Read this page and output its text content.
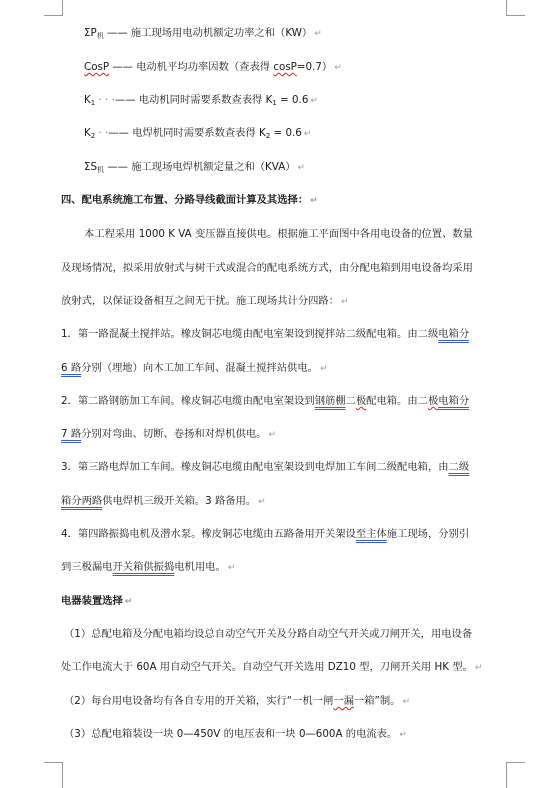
$\Sigma P_机$ —— 施工现场用电动机额定功率之和（KW） ↵
CosP —— 电动机平均功率因数（查表得 cosP=0.7） ↵
$K_1$ · · ·—— 电动机同时需要系数查表得 $K_1 = 0.6$ ↵
$K_2$ · ·—— 电焊机同时需要系数查表得 $K_2 = 0.6$ ↵
$\Sigma S_机$ —— 施工现场电焊机额定量之和（KVA） ↵
四、配电系统施工布置、分路导线截面计算及其选择： ↵
本工程采用 1000 K VA 变压器直接供电。根据施工平面图中各用电设备的位置、数量
及现场情况，拟采用放射式与树干式或混合的配电系统方式，由分配电箱到用电设备均采用
放射式，以保证设备相互之间无干扰。施工现场共计分四路： ↵
1．第一路混凝土搅拌站。橡皮铜芯电缆由配电室架设到搅拌站二级配电箱。由二级电箱分
6 路分别（埋地）向木工加工车间、混凝土搅拌站供电。 ↵
2．第二路钢筋加工车间。橡皮铜芯电缆由配电室架设到钢筋棚二极配电箱。由二极电箱分
7 路分别对弯曲、切断、卷扬和对焊机供电。 ↵
3．第三路电焊加工车间。橡皮铜芯电缆由配电室架设到电焊加工车间二级配电箱，由二级
箱分两路供电焊机三级开关箱。3 路备用。 ↵
4．第四路振捣电机及潜水泵。橡皮铜芯电缆由五路备用开关架设至主体施工现场，分别引
到三极漏电开关箱供振捣电机用电。 ↵
电器装置选择 ↵
（1）总配电箱及分配电箱均设总自动空气开关及分路自动空气开关或刀闸开关，用电设备
处工作电流大于 60A 用自动空气开关。自动空气开关选用 DZ10 型，刀闸开关用 HK 型。 ↵
（2）每台用电设备均有各自专用的开关箱，实行“一机一闸一漏一箱”制。 ↵
（3）总配电箱装设一块 0—450V 的电压表和一块 0—600A 的电流表。 ↵
